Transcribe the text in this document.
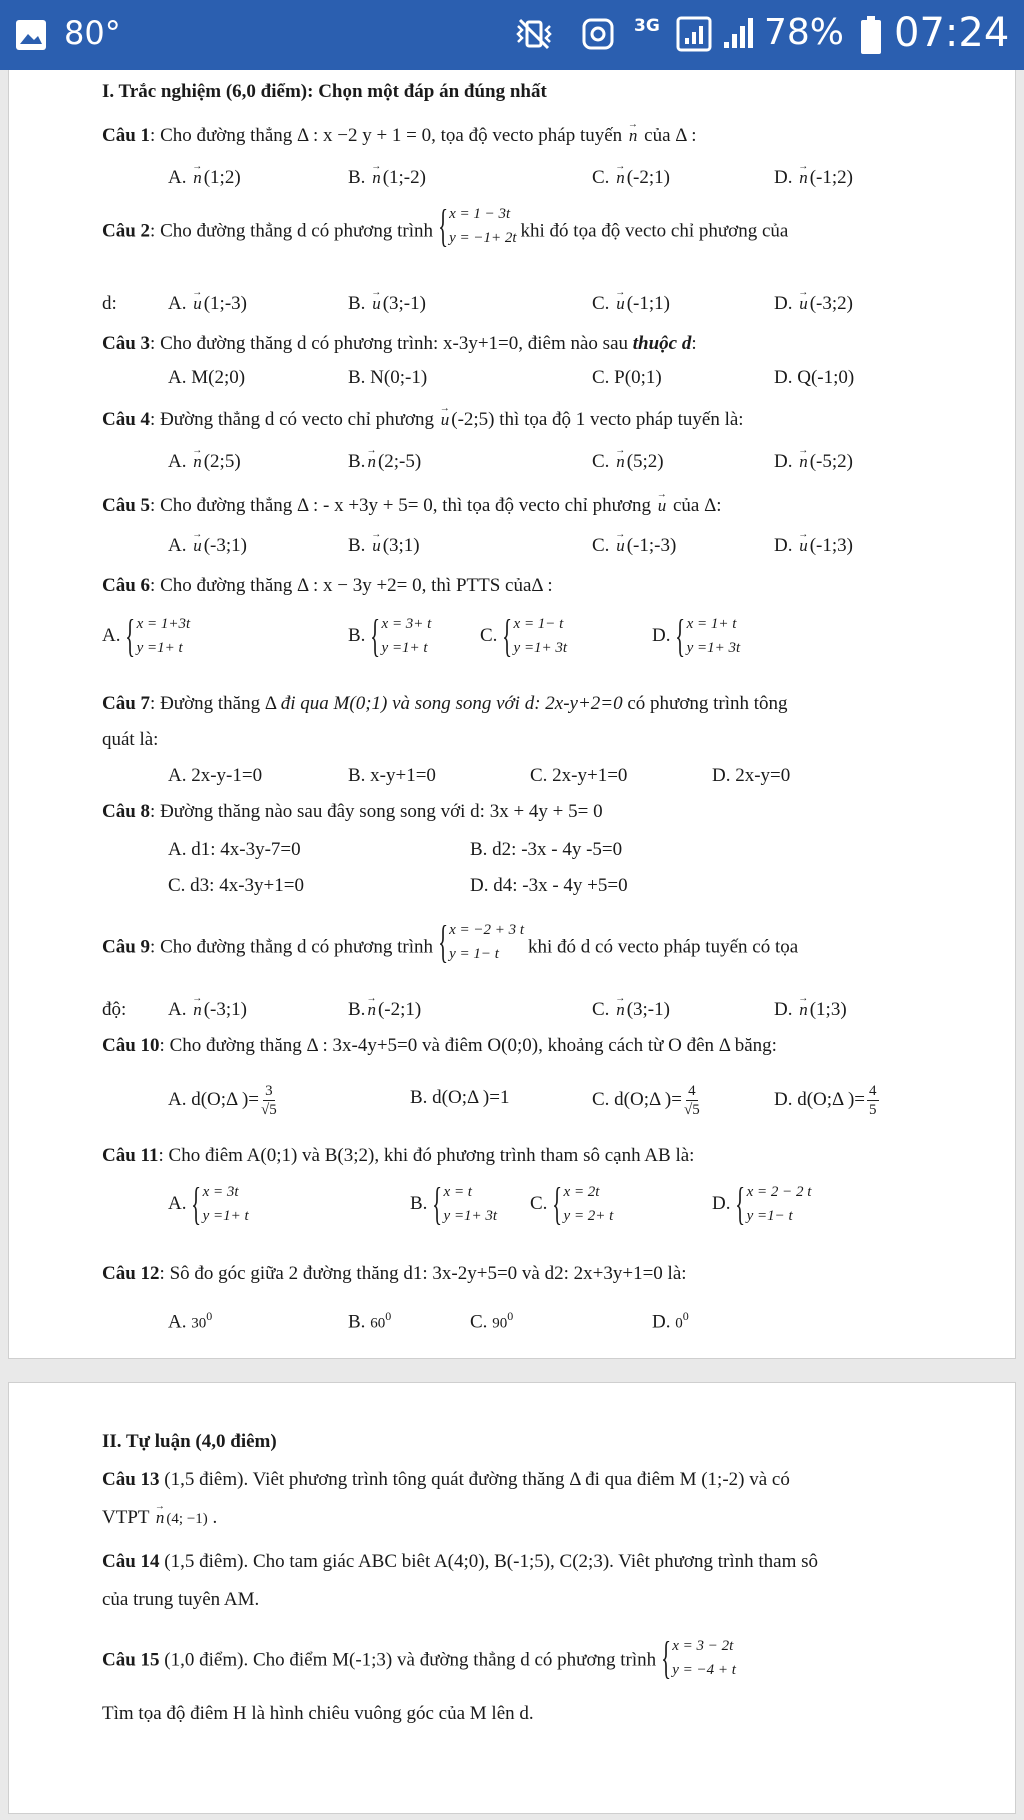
80°	3G	78% 07:24
I. Trắc nghiệm (6,0 điểm): Chọn một đáp án đúng nhất
Câu 1: Cho đường thẳng Δ : x −2 y + 1 = 0, tọa độ vecto pháp tuyến → n của Δ :
A. → n (1;2)	B. → n (1;-2)	C. → n (-2;1)	D. → n (-1;2)
Câu 2: Cho đường thẳng d có phương trình { x = 1 − 3t
y = −1+ 2t khi đó tọa độ vecto chỉ phương của
d:	A. → u (1;-3)	B. → u (3;-1)	C. → u (-1;1)	D. → u (-3;2)
Câu 3: Cho đường thăng d có phương trình: x-3y+1=0, điêm nào sau thuộc d:
A. M(2;0)	B. N(0;-1)	C. P(0;1)	D. Q(-1;0)
Câu 4: Đường thẳng d có vecto chỉ phương → u (-2;5) thì tọa độ 1 vecto pháp tuyến là:
A. → n (2;5)	B. → n (2;-5)	C. → n (5;2)	D. → n (-5;2)
Câu 5: Cho đường thẳng Δ : - x +3y + 5= 0, thì tọa độ vecto chỉ phương → u của Δ:
A. → u (-3;1)	B. → u (3;1)	C. → u (-1;-3)	D. → u (-1;3)
Câu 6: Cho đường thăng Δ : x − 3y +2= 0, thì PTTS củaΔ :
A. { x = 1+3t
y =1+ t
B. { x = 3+ t
y =1+ t
C. { x = 1− t
y =1+ 3t
D. { x = 1+ t
y =1+ 3t
Câu 7: Đường thăng Δ đi qua M(0;1) và song song với d: 2x-y+2=0 có phương trình tông
quát là:
A. 2x-y-1=0	B. x-y+1=0	C. 2x-y+1=0	D. 2x-y=0
Câu 8: Đường thăng nào sau đây song song với d: 3x + 4y + 5= 0
A. d1: 4x-3y-7=0	B. d2: -3x - 4y -5=0
C. d3: 4x-3y+1=0	D. d4: -3x - 4y +5=0
Câu 9: Cho đường thẳng d có phương trình { x = −2 + 3 t
y = 1− t	khi đó d có vecto pháp tuyến có tọa
độ: A. → n (-3;1)	B. → n (-2;1)	C. → n (3;-1)	D. → n (1;3)
Câu 10: Cho đường thăng Δ : 3x-4y+5=0 và điêm O(0;0), khoảng cách từ O đên Δ băng:
A. d(O;Δ )= $\frac{3}{√5}$	B. d(O;Δ )=1	C. d(O;Δ )= $\frac{4}{√5}$	D. d(O;Δ )= $\frac{4}{5}$
Câu 11: Cho điêm A(0;1) và B(3;2), khi đó phương trình tham sô cạnh AB là:
A. { x = 3t
y =1+ t
B. { x = t
y =1+ 3t
C. { x = 2t
y = 2+ t
D. { x = 2 − 2 t
y =1− t
Câu 12: Sô đo góc giữa 2 đường thăng d1: 3x-2y+5=0 và d2: 2x+3y+1=0 là:
A. $30^0$	B. $60^0$	C. $90^0$	D. $0^0$
II. Tự luận (4,0 điêm)
Câu 13 (1,5 điêm). Viêt phương trình tông quát đường thăng Δ đi qua điêm M (1;-2) và có
VTPT → n (4; −1) .
Câu 14 (1,5 điêm). Cho tam giác ABC biêt A(4;0), B(-1;5), C(2;3). Viêt phương trình tham sô
của trung tuyên AM.
Câu 15 (1,0 điểm). Cho điểm M(-1;3) và đường thẳng d có phương trình { x = 3 − 2t
y = −4 + t
Tìm tọa độ điêm H là hình chiêu vuông góc của M lên d.
